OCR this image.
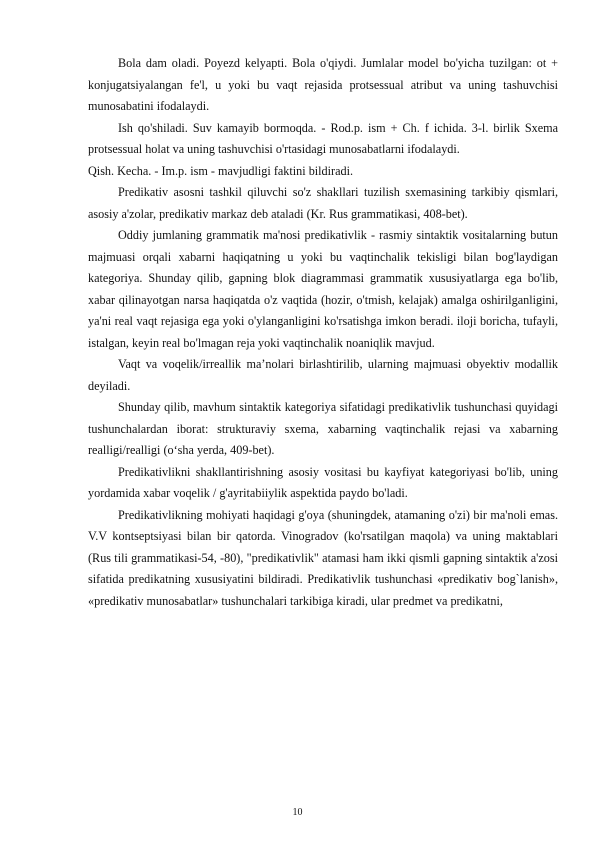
Bola dam oladi. Poyezd kelyapti. Bola o'qiydi. Jumlalar model bo'yicha tuzilgan: ot + konjugatsiyalangan fe'l, u yoki bu vaqt rejasida protsessual atribut va uning tashuvchisi munosabatini ifodalaydi.

Ish qo'shiladi. Suv kamayib bormoqda. - Rod.p. ism + Ch. f ichida. 3-l. birlik Sxema protsessual holat va uning tashuvchisi o'rtasidagi munosabatlarni ifodalaydi.

Qish. Kecha. - Im.p. ism - mavjudligi faktini bildiradi.

Predikativ asosni tashkil qiluvchi so'z shakllari tuzilish sxemasining tarkibiy qismlari, asosiy a'zolar, predikativ markaz deb ataladi (Kr. Rus grammatikasi, 408-bet).

Oddiy jumlaning grammatik ma'nosi predikativlik - rasmiy sintaktik vositalarning butun majmuasi orqali xabarni haqiqatning u yoki bu vaqtinchalik tekisligi bilan bog'laydigan kategoriya. Shunday qilib, gapning blok diagrammasi grammatik xususiyatlarga ega bo'lib, xabar qilinayotgan narsa haqiqatda o'z vaqtida (hozir, o'tmish, kelajak) amalga oshirilganligini, ya'ni real vaqt rejasiga ega yoki o'ylanganligini ko'rsatishga imkon beradi. iloji boricha, tufayli, istalgan, keyin real bo'lmagan reja yoki vaqtinchalik noaniqlik mavjud.

Vaqt va voqelik/irreallik ma’nolari birlashtirilib, ularning majmuasi obyektiv modallik deyiladi.

Shunday qilib, mavhum sintaktik kategoriya sifatidagi predikativlik tushunchasi quyidagi tushunchalardan iborat: strukturaviy sxema, xabarning vaqtinchalik rejasi va xabarning realligi/realligi (o‘sha yerda, 409-bet).

Predikativlikni shakllantirishning asosiy vositasi bu kayfiyat kategoriyasi bo'lib, uning yordamida xabar voqelik / g'ayritabiiylik aspektida paydo bo'ladi.

Predikativlikning mohiyati haqidagi g'oya (shuningdek, atamaning o'zi) bir ma'noli emas. V.V kontseptsiyasi bilan bir qatorda. Vinogradov (ko'rsatilgan maqola) va uning maktablari (Rus tili grammatikasi-54, -80), "predikativlik" atamasi ham ikki qismli gapning sintaktik a'zosi sifatida predikatning xususiyatini bildiradi. Predikativlik tushunchasi «predikativ bog`lanish», «predikativ munosabatlar» tushunchalari tarkibiga kiradi, ular predmet va predikatni,

10
